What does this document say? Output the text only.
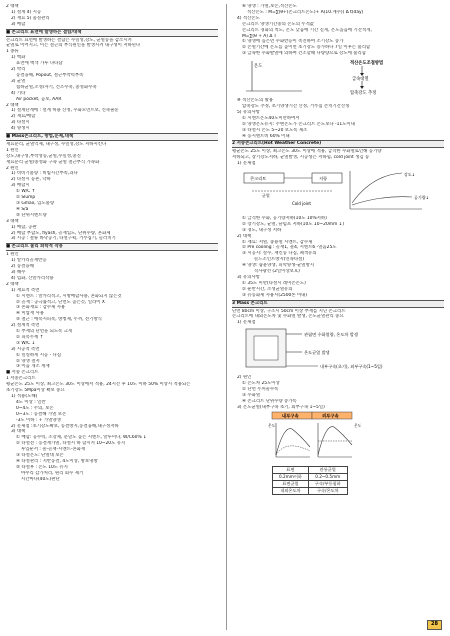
2 대책
1) 설계 4) 시공
2) 재료 5) 품질관리
3) 배합
■ 콘크리트 표면에 발생하는 결함/대책
콘크리트 표면에 발생하는 결함은 수밀성,강도, 균열등을 감소시켜
균열로 이어지고, 이는 철근의 부식원인을 발생시켜 내구성이 저하된다
1 종류
1) 백화
표면에 백색 가루 나타남
2) 박리
동결융해, Popout, 철근부착력부족
3) 균열
침하균열,소성/자기, 건조수축, 중성화수축
4) 기타
Air pocket, 곰보, AAR
2 대책
1) 설계단계에 : 설계 허용 산정, 수화모먼트보, 신축줄눈
2) 재료/배합
3) 타설시
4) 양생시
■ Mass콘크리트, 방법,문제,대책
재료분리, 균열억제, 내구성, 수밀성,강도 저하시킨다
1 원인
강도,내구성,부착성능,균열,수밀성,충진
재료분리 균열/중성화 구속 균열 철근부식 가속화
2 원인
1) 비비기불량 : 비빔시간부족,과다
2) 타설시 등흔, 낙하
3) 배합시
① W/C ↑
② Slump
③ Gmax, 입도불량
④ S/a
⑤ 단위시멘트량
3 대책
1) 배합, 공판
2) 배합 부합도, flyash, 골재입도, 단위수량, 혼화제
3) 시공 : 철류 바닥공기, 타설구획, 거푸집기, 들러치기
■ 콘크리트 물리 화학적 작용
1 원인
1) 알카리골재반응
2) 동결융해
3) 해수
4) 염화, 산알카리작용
2 대책
1) 재료적 측면
① 시멘트 : 알카리적고, 시방배합사용, 혼화되지 않은것
② 골재 : 공극률적고, 단면도 높은것, 일라이 X
③ 혼화재료 : 감수제 사용
④ 미압재 사용
⑤ 철근 : 에폭시피복, 방청제, 두꺼, 전기방식
2) 설계적 측면
① 부재의 단면을 되도록 크게
② 피복두께 ↑
③ W/C ↓
3) 시공적 측면
① 밀실하게 시공 - 다짐
② 양생 철저
③ 이음 개소 계재
■ 서중 콘크리트
1 서중콘크리트
평균온도 25도 이상, 최고온도 30도 이상에서 적용, 24시간 후 10도 이하 50% 이상시 적용되는
초기강도 5Mpa이상 확보 중요
1) 적용(도해)
4도 이상 : 일반
0~4도 : 주의, 보온
0~3도 : 동결해 가열 보온
-3도 이하 : + 가열양생
2) 문제점 :초기강도확보, 동결방지,동결융해,내구성저하
3) 대책
① 배합: 응수력, 조강제, 분말도 높은 시멘트, 알루미나, W/C60% ↓
② 타설전 : 동결재가열, 타설시 하 합시켜 10~20도 유지
투입순서 : 물-골재-시멘트-혼화재
③ 타설온도: 단열대 보온
④ 타설관리 : 지반동결, 4도이상, 방보냉방
⑤ 타설후 : 온도 10도 유지
마무리 감가처리, 원리 회수 제거
시간마다(40도)판단
⑥ 양생 : 가열,보온,적산온도
적산온도 : M=∑(θ+(콘크리트온도)+ A(10.계수)) Δ t(day)
4) 적산온도
콘크리트 양생기간중의 온도의 누적값
콘크리트 경화의 척도, 온도 낮음에 기간 길게, 온도높음에 기간적게,
M=∑(θ + A) Δ T
① 양생에 높은면 수화반응이 촉진하여 조기강도 증가
② 온열기간에 온도를 높이면 초기강도 증가하나 7일 이후는 불리함
③ 급속한 수화발열에 의하여 건조할때 다량량으로 강도에 불리함
적산온도조절방법
온도
급속대열
압축강도 추정
※ 적산온도의 활용
압축강도 추정, 초기양생기간 산정, 거푸집 존치기간산정
5) 유의사항
① 시멘트온도40도미만하여서
② 양생온도유지: 주변온도가 콘크리트 온도보다 -11도이내
③ 타설시 온도 5~20 보도록 제조
④ 동시멘트비 60% 이내
2 서중콘크리트(Hot Weather Concrete)
평균온도 25도 이상, 최고온도 30도 이상에 적용, 급격한 수화열로인해 공기량
저하되고, 장기강도저하, 균열발생, 시공성은 저하됨, cold joint 생김 등
1) 문제점
콘크리트	저항
강도↓
균열	공기량↓
Cold joint
① 급격한 수화, 공기량저하(10도 10%저하)
② 장기강도, 균열, 슬럼프 저하(10도 10~20mm ↓)
③ 경도, 내구성 저하
2) 대책
① 재료: 저열, 중용열 시멘트, 감수제
② Pre cooling : 골재1, 물4, 시멘트6 -얼음25도
③ 시공시: 살수, 재킨등 다짐, 폐색유의
콜드조인트방지(연속타설)
④ 양생: 습윤양생, 피막양생-균열방지
직사광선 (2일이상보호)
3) 유의사항
① 35도 미만(타설시 레미콘온도)
② 운반시간, 소성균열유의
③ 유동화제 사용시(2500톤 이내)
3 Mass 콘크리트
단면 80cm 이상, 구조시 50cm 이상 부재를 지닌 콘크리트
콘크리트에 내외온도차 및 수화열 발생, 온도균열관리 중요
1) 문제점
관립면 수화열량, 온도차 발생
온도균열 발생
내부구속(초기), 외부구속(1~5일)
2) 원인
① 온도차 25도이상
② 단면 두꺼울수록
③ 수화열
④ 콘크리트 단위수량 증가록
3) 온도균열(내부구속 초기, 외부구속 1~5일)
내부구속	외부구속
온도	온도
표면	관통균열
0.2mm이하	0.2~0.5mm
표면균열	구속/부등침하
내외온도차	구속/온도차
28
